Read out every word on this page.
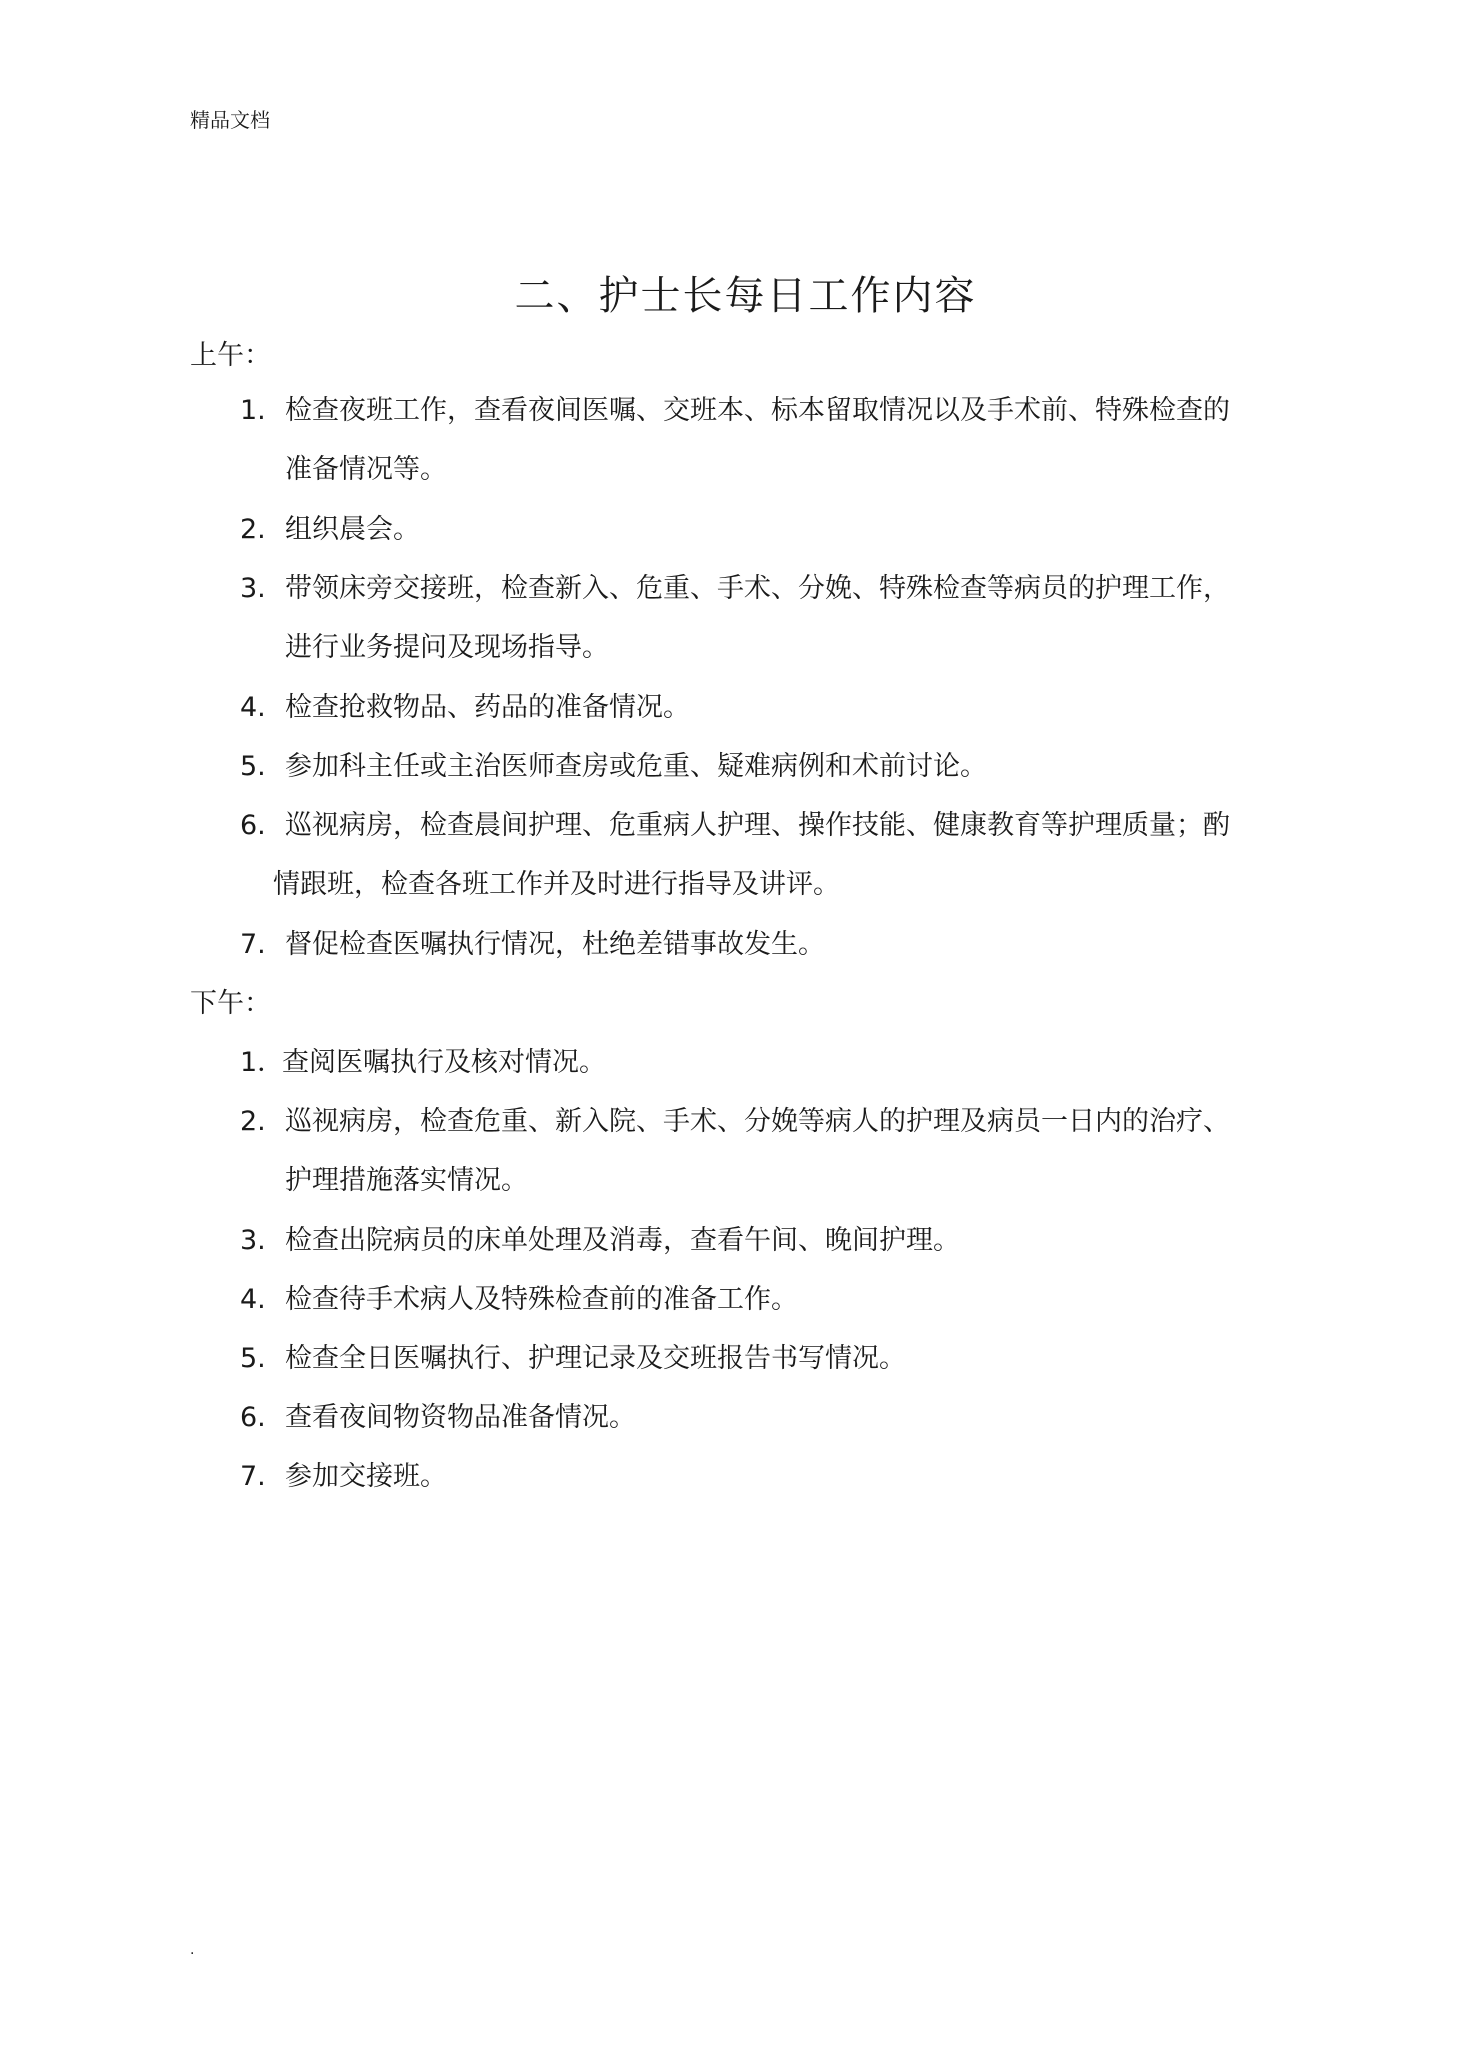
精品文档
二、护士长每日工作内容
上午：
1. 检查夜班工作，查看夜间医嘱、交班本、标本留取情况以及手术前、特殊检查的
准备情况等。
2. 组织晨会。
3. 带领床旁交接班，检查新入、危重、手术、分娩、特殊检查等病员的护理工作，
进行业务提问及现场指导。
4. 检查抢救物品、药品的准备情况。
5. 参加科主任或主治医师查房或危重、疑难病例和术前讨论。
6. 巡视病房，检查晨间护理、危重病人护理、操作技能、健康教育等护理质量；酌
情跟班，检查各班工作并及时进行指导及讲评。
7. 督促检查医嘱执行情况，杜绝差错事故发生。
下午：
1．
查阅医嘱执行及核对情况。
2. 巡视病房，检查危重、新入院、手术、分娩等病人的护理及病员一日内的治疗、
护理措施落实情况。
3. 检查出院病员的床单处理及消毒，查看午间、晚间护理。
4. 检查待手术病人及特殊检查前的准备工作。
5. 检查全日医嘱执行、护理记录及交班报告书写情况。
6. 查看夜间物资物品准备情况。
7. 参加交接班。
.
